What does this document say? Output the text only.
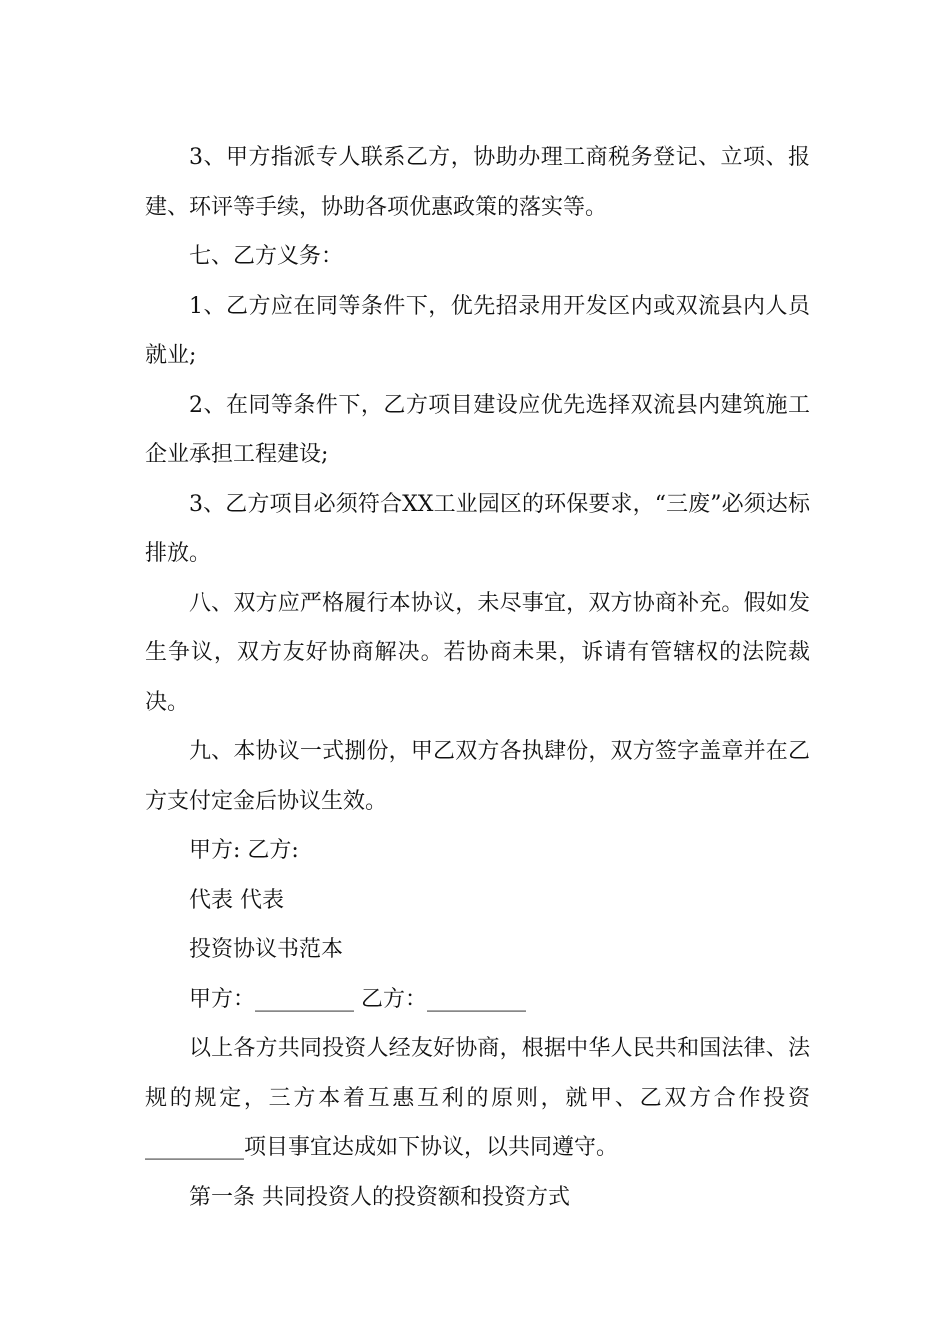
3、甲方指派专人联系乙方，协助办理工商税务登记、立项、报建、环评等手续，协助各项优惠政策的落实等。

七、乙方义务：

1、乙方应在同等条件下，优先招录用开发区内或双流县内人员就业;

2、在同等条件下，乙方项目建设应优先选择双流县内建筑施工企业承担工程建设;

3、乙方项目必须符合XX工业园区的环保要求，“三废”必须达标排放。

八、双方应严格履行本协议，未尽事宜，双方协商补充。假如发生争议，双方友好协商解决。若协商未果，诉请有管辖权的法院裁决。

九、本协议一式捌份，甲乙双方各执肆份，双方签字盖章并在乙方支付定金后协议生效。

甲方: 乙方:

代表 代表

投资协议书范本

甲方：_________ 乙方：_________

以上各方共同投资人经友好协商，根据中华人民共和国法律、法规的规定，三方本着互惠互利的原则，就甲、乙双方合作投资_________项目事宜达成如下协议，以共同遵守。

第一条 共同投资人的投资额和投资方式
